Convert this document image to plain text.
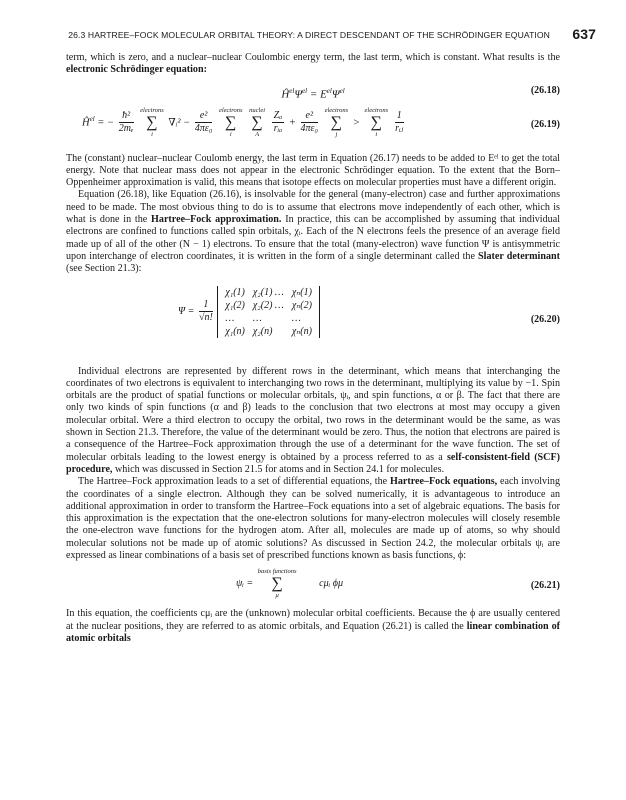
26.3 HARTREE–FOCK MOLECULAR ORBITAL THEORY: A DIRECT DESCENDANT OF THE SCHRÖDINGER EQUATION 637

term, which is zero, and a nuclear–nuclear Coulombic energy term, the last term, which is constant. What results is the electronic Schrödinger equation:

$Ĥ^{el}\Psi^{el} = E^{el}\Psi^{el}$	(26.18)
$Ĥ^{el}$ = − $\frac{\text{ħ²}}{\text{2mₑ}}$
electrons
∑
i
∇ᵢ² − $\frac{\text{e²}}{\text{4πε₀}}$
electrons
∑
i

nuclei
∑
A
	$\frac{\text{Zₐ}}{\text{rᵢₐ}} + \frac{\text{e²}}{\text{4πε₀}}$
electrons
∑
j
>
electrons
∑
i
	$\frac{1}{\text{rᵢⱼ}}$	(26.19)

The (constant) nuclear–nuclear Coulomb energy, the last term in Equation (26.17) needs to be added to Eᵉˡ to get the total energy. Note that nuclear mass does not appear in the electronic Schrödinger equation. To the extent that the Born–Oppenheimer approximation is valid, this means that isotope effects on molecular properties must have a different origin.

Equation (26.18), like Equation (26.16), is insolvable for the general (many-electron) case and further approximations need to be made. The most obvious thing to do is to assume that electrons move independently of each other, which is what is done in the Hartree–Fock approximation. In practice, this can be accomplished by assuming that individual electrons are confined to functions called spin orbitals, χᵢ. Each of the N electrons feels the presence of an average field made up of all of the other (N − 1) electrons. To ensure that the total (many-electron) wave function Ψ is antisymmetric upon interchange of electron coordinates, it is written in the form of a single determinant called the Slater determinant (see Section 21.3):

$\Psi = \frac{1}{√n!}$

χ₁(1)	χ₂(1) …	χₙ(1)
χ₁(2)	χ₂(2) …	χₙ(2)
…	…	…
χ₁(n)	χ₂(n)	χₙ(n)
(26.20)

Individual electrons are represented by different rows in the determinant, which means that interchanging the coordinates of two electrons is equivalent to interchanging two rows in the determinant, multiplying its value by −1. Spin orbitals are the product of spatial functions or molecular orbitals, ψᵢ, and spin functions, α or β. The fact that there are only two kinds of spin functions (α and β) leads to the conclusion that two electrons at most may occupy a given molecular orbital. Were a third electron to occupy the orbital, two rows in the determinant would be the same, as was shown in Section 21.3. Therefore, the value of the determinant would be zero. Thus, the notion that electrons are paired is a consequence of the Hartree–Fock approximation through the use of a determinant for the wave function. The set of molecular orbitals leading to the lowest energy is obtained by a process referred to as a self-consistent-field (SCF) procedure, which was discussed in Section 21.5 for atoms and in Section 24.1 for molecules.

The Hartree–Fock approximation leads to a set of differential equations, the Hartree–Fock equations, each involving the coordinates of a single electron. Although they can be solved numerically, it is advantageous to introduce an additional approximation in order to transform the Hartree–Fock equations into a set of algebraic equations. The basis for this approximation is the expectation that the one-electron solutions for many-electron molecules will closely resemble the one-electron wave functions for the hydrogen atom. After all, molecules are made up of atoms, so why should molecular solutions not be made up of atomic solutions? As discussed in Section 24.2, the molecular orbitals ψᵢ are expressed as linear combinations of a basis set of prescribed functions known as basis functions, ϕ:

ψᵢ =
basis functions
∑
μ
cμᵢ ϕμ	(26.21)

In this equation, the coefficients cμᵢ are the (unknown) molecular orbital coefficients. Because the ϕ are usually centered at the nuclear positions, they are referred to as atomic orbitals, and Equation (26.21) is called the linear combination of atomic orbitals
